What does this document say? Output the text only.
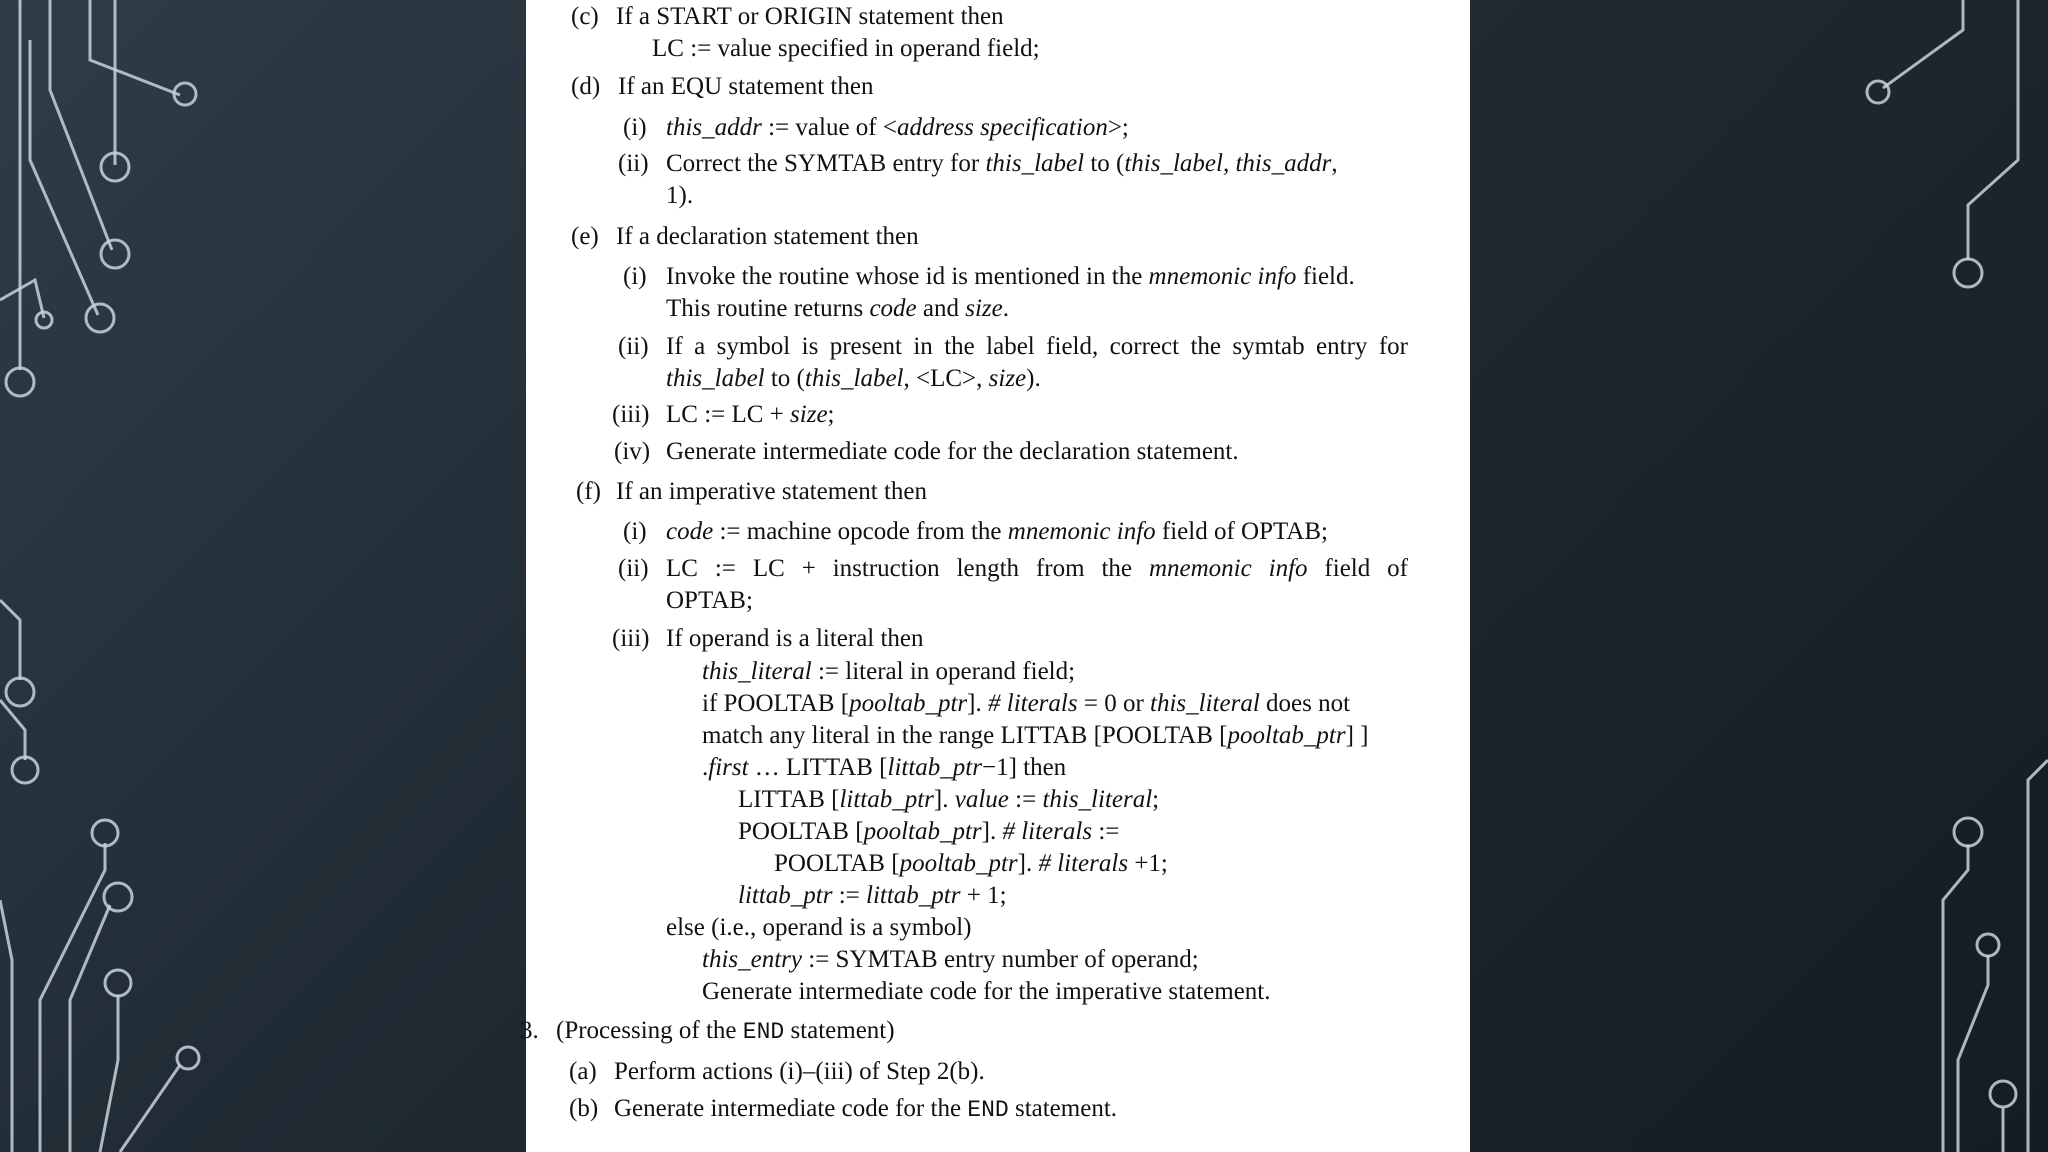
(c) If a START or ORIGIN statement then
LC := value specified in operand field;
(d) If an EQU statement then
(i) this_addr := value of <address specification>;
(ii) Correct the SYMTAB entry for this_label to (this_label, this_addr,
1).
(e) If a declaration statement then
(i) Invoke the routine whose id is mentioned in the mnemonic info field.
This routine returns code and size.
(ii) If a symbol is present in the label field, correct the symtab entry for
this_label to (this_label, <LC>, size).
(iii) LC := LC + size;
(iv) Generate intermediate code for the declaration statement.
(f) If an imperative statement then
(i) code := machine opcode from the mnemonic info field of OPTAB;
(ii) LC := LC + instruction length from the mnemonic info field of
OPTAB;
(iii) If operand is a literal then
this_literal := literal in operand field;
if POOLTAB [pooltab_ptr]. # literals = 0 or this_literal does not
match any literal in the range LITTAB [POOLTAB [pooltab_ptr] ]
.first … LITTAB [littab_ptr−1] then
LITTAB [littab_ptr]. value := this_literal;
POOLTAB [pooltab_ptr]. # literals :=
POOLTAB [pooltab_ptr]. # literals +1;
littab_ptr := littab_ptr + 1;
else (i.e., operand is a symbol)
this_entry := SYMTAB entry number of operand;
Generate intermediate code for the imperative statement.
3. (Processing of the END statement)
(a) Perform actions (i)–(iii) of Step 2(b).
(b) Generate intermediate code for the END statement.
